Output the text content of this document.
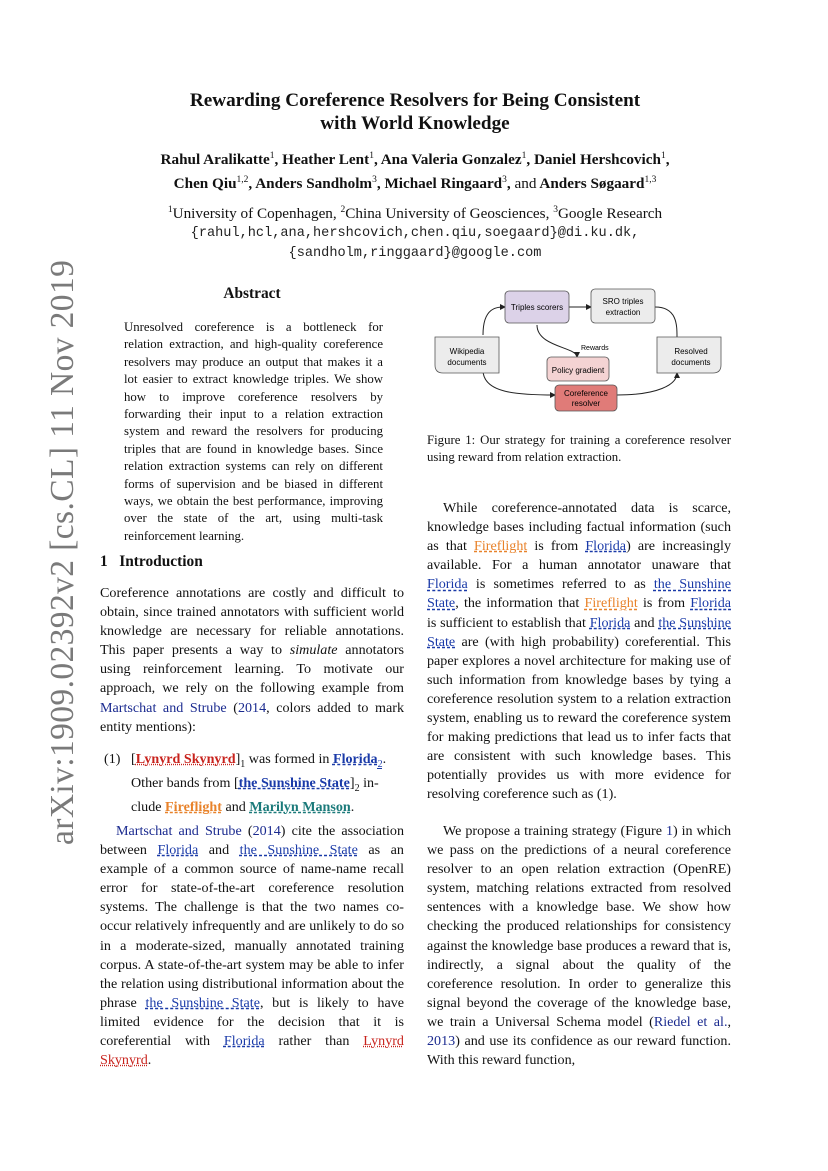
arXiv:1909.02392v2 [cs.CL] 11 Nov 2019
Rewarding Coreference Resolvers for Being Consistent
with World Knowledge
Rahul Aralikatte$^1$, Heather Lent$^1$, Ana Valeria Gonzalez$^1$, Daniel Hershcovich$^1$,
Chen Qiu$^{1,2}$, Anders Sandholm$^3$, Michael Ringaard$^3$, and Anders Søgaard$^{1,3}$
$^1$University of Copenhagen, $^2$China University of Geosciences, $^3$Google Research
{rahul,hcl,ana,hershcovich,chen.qiu,soegaard}@di.ku.dk,
{sandholm,ringgaard}@google.com
Abstract
Unresolved coreference is a bottleneck for relation extraction, and high-quality coreference resolvers may produce an output that makes it a lot easier to extract knowledge triples. We show how to improve coreference resolvers by forwarding their input to a relation extraction system and reward the resolvers for producing triples that are found in knowledge bases. Since relation extraction systems can rely on different forms of supervision and be biased in different ways, we obtain the best performance, improving over the state of the art, using multi-task reinforcement learning.
1 Introduction
Coreference annotations are costly and difficult to obtain, since trained annotators with sufficient world knowledge are necessary for reliable annotations. This paper presents a way to simulate annotators using reinforcement learning. To motivate our approach, we rely on the following example from Martschat and Strube (2014, colors added to mark entity mentions):
(1) [Lynyrd $Skynyrd]_1$ was formed in Florida$_2$.
Other bands from [the Sunshine $State]_2$ in-
clude Fireflight and Marilyn Manson.
Martschat and Strube (2014) cite the association between Florida and the Sunshine State as an example of a common source of name-name recall error for state-of-the-art coreference resolution systems. The challenge is that the two names co-occur relatively infrequently and are unlikely to do so in a moderate-sized, manually annotated training corpus. A state-of-the-art system may be able to infer the relation using distributional information about the phrase the Sunshine State, but is likely to have limited evidence for the decision that it is coreferential with Florida rather than Lynyrd Skynyrd.
Triples scorers
SRO triples
extraction
Wikipedia
documents
Resolved
documents
Rewards
Policy gradient
Coreference
resolver
Figure 1: Our strategy for training a coreference resolver using reward from relation extraction.
While coreference-annotated data is scarce, knowledge bases including factual information (such as that Fireflight is from Florida) are increasingly available. For a human annotator unaware that Florida is sometimes referred to as the Sunshine State, the information that Fireflight is from Florida is sufficient to establish that Florida and the Sunshine State are (with high probability) coreferential. This paper explores a novel architecture for making use of such information from knowledge bases by tying a coreference resolution system to a relation extraction system, enabling us to reward the coreference system for making predictions that lead us to infer facts that are consistent with such knowledge bases. This potentially provides us with more evidence for resolving coreference such as (1).
We propose a training strategy (Figure 1) in which we pass on the predictions of a neural coreference resolver to an open relation extraction (OpenRE) system, matching relations extracted from resolved sentences with a knowledge base. We show how checking the produced relationships for consistency against the knowledge base produces a reward that is, indirectly, a signal about the quality of the coreference resolution. In order to generalize this signal beyond the coverage of the knowledge base, we train a Universal Schema model (Riedel et al., 2013) and use its confidence as our reward function. With this reward function,
